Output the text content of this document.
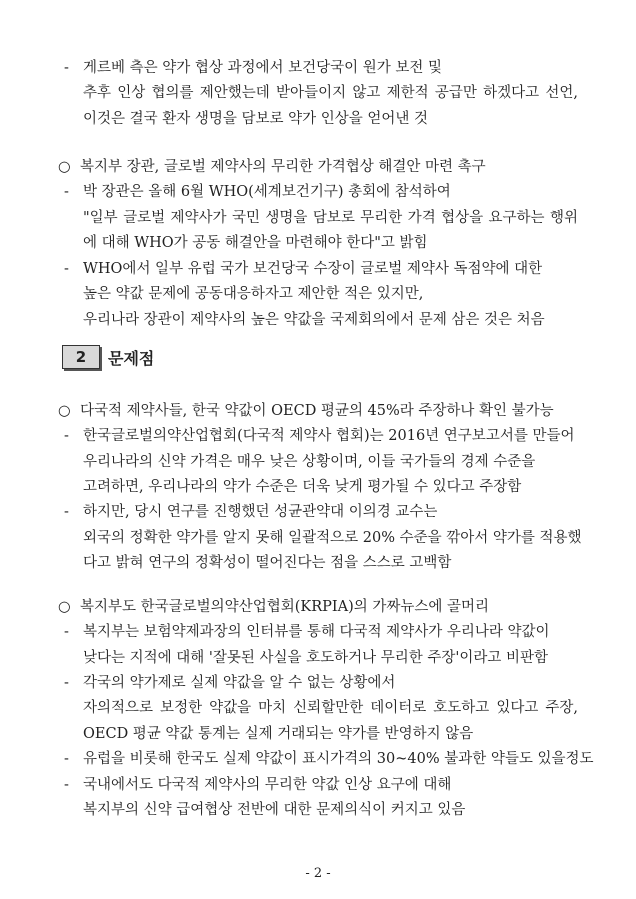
- 게르베 측은 약가 협상 과정에서 보건당국이 원가 보전 및
추후 인상 협의를 제안했는데 받아들이지 않고 제한적 공급만 하겠다고 선언,
이것은 결국 환자 생명을 담보로 약가 인상을 얻어낸 것
○ 복지부 장관, 글로벌 제약사의 무리한 가격협상 해결안 마련 촉구
- 박 장관은 올해 6월 WHO(세계보건기구) 총회에 참석하여
"일부 글로벌 제약사가 국민 생명을 담보로 무리한 가격 협상을 요구하는 행위
에 대해 WHO가 공동 해결안을 마련해야 한다"고 밝힘
- WHO에서 일부 유럽 국가 보건당국 수장이 글로벌 제약사 독점약에 대한
높은 약값 문제에 공동대응하자고 제안한 적은 있지만,
우리나라 장관이 제약사의 높은 약값을 국제회의에서 문제 삼은 것은 처음
2	문제점
○ 다국적 제약사들, 한국 약값이 OECD 평균의 45%라 주장하나 확인 불가능
- 한국글로벌의약산업협회(다국적 제약사 협회)는 2016년 연구보고서를 만들어
우리나라의 신약 가격은 매우 낮은 상황이며, 이들 국가들의 경제 수준을
고려하면, 우리나라의 약가 수준은 더욱 낮게 평가될 수 있다고 주장함
- 하지만, 당시 연구를 진행했던 성균관약대 이의경 교수는
외국의 정확한 약가를 알지 못해 일괄적으로 20% 수준을 깎아서 약가를 적용했
다고 밝혀 연구의 정확성이 떨어진다는 점을 스스로 고백함
○ 복지부도 한국글로벌의약산업협회(KRPIA)의 가짜뉴스에 골머리
- 복지부는 보험약제과장의 인터뷰를 통해 다국적 제약사가 우리나라 약값이
낮다는 지적에 대해 '잘못된 사실을 호도하거나 무리한 주장'이라고 비판함
- 각국의 약가제로 실제 약값을 알 수 없는 상황에서
자의적으로 보정한 약값을 마치 신뢰할만한 데이터로 호도하고 있다고 주장,
OECD 평균 약값 통계는 실제 거래되는 약가를 반영하지 않음
- 유럽을 비롯해 한국도 실제 약값이 표시가격의 30~40% 불과한 약들도 있을정도
- 국내에서도 다국적 제약사의 무리한 약값 인상 요구에 대해
복지부의 신약 급여협상 전반에 대한 문제의식이 커지고 있음
- 2 -
